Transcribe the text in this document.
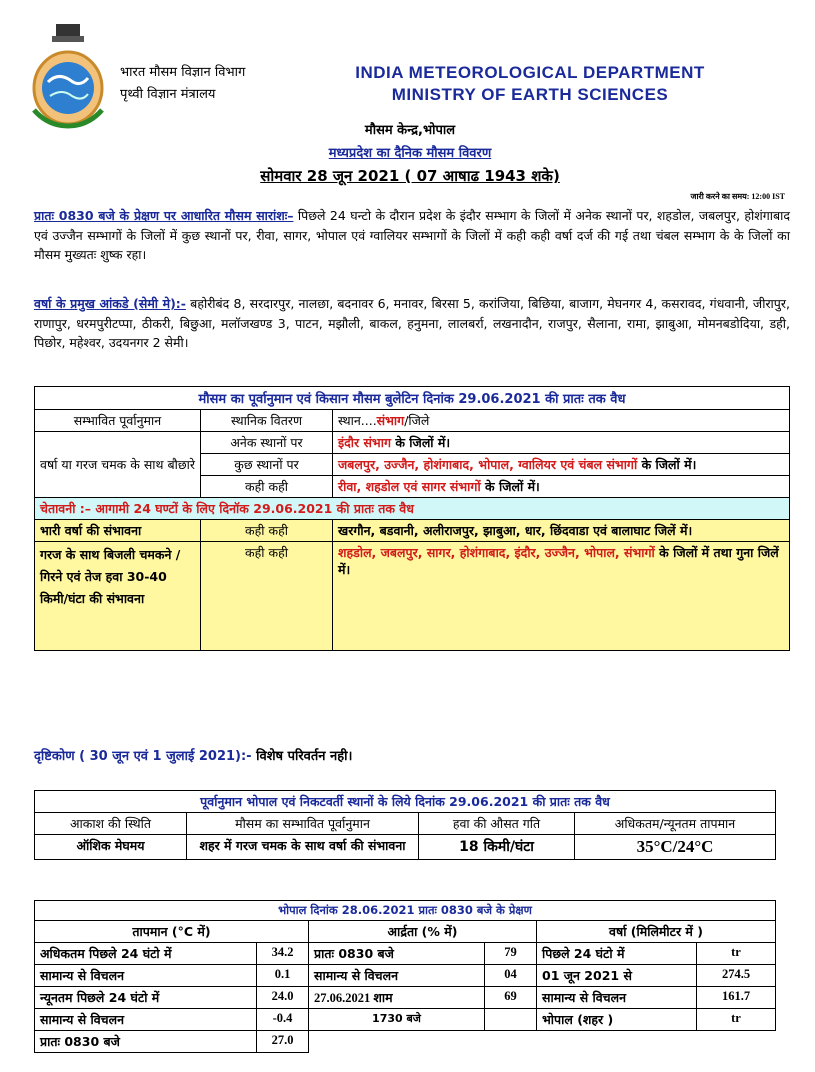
भारत मौसम विज्ञान विभाग
पृथ्वी विज्ञान मंत्रालय
INDIA METEOROLOGICAL DEPARTMENT
MINISTRY OF EARTH SCIENCES
मौसम केन्द्र,भोपाल
मध्यप्रदेश का दैनिक मौसम विवरण
सोमवार 28 जून 2021 ( 07 आषाढ 1943 शके)
जारी करने का समय: 12:00 IST
प्रातः 0830 बजे के प्रेक्षण पर आधारित मौसम सारांशः– पिछले 24 घन्टो के दौरान प्रदेश के इंदौर सम्भाग के जिलों में अनेक स्थानों पर, शहडोल, जबलपुर, होशंगाबाद एवं उज्जैन सम्भागों के जिलों में कुछ स्थानों पर, रीवा, सागर, भोपाल एवं ग्वालियर सम्भागों के जिलों में कही कही वर्षा दर्ज की गई तथा चंबल सम्भाग के के जिलों का मौसम मुख्यतः शुष्क रहा।
वर्षा के प्रमुख आंकडे (सेमी मे):- बहोरीबंद 8, सरदारपुर, नालछा, बदनावर 6, मनावर, बिरसा 5, करांजिया, बिछिया, बाजाग, मेघनगर 4, कसरावद, गंधवानी, जीरापुर, राणापुर, धरमपुरीटप्पा, ठीकरी, बिछुआ, मलॉजखण्ड 3, पाटन, मझौली, बाकल, हनुमना, लालबर्रा, लखनादौन, राजपुर, सैलाना, रामा, झाबुआ, मोमनबडोदिया, डही, पिछोर, महेश्वर, उदयनगर 2 सेमी।
मौसम का पूर्वानुमान एवं किसान मौसम बुलेटिन दिनांक 29.06.2021 की प्रातः तक वैध		
सम्भावित पूर्वानुमान	स्थानिक वितरण	स्थान....संभाग/जिले
वर्षा या गरज चमक के साथ बौछारे	अनेक स्थानों पर	इंदौर संभाग के जिलों में।
	कुछ स्थानों पर	जबलपुर, उज्जैन, होशंगाबाद, भोपाल, ग्वालियर एवं चंबल संभागों के जिलों में।
	कही कही	रीवा, शहडोल एवं सागर संभागों के जिलों में।
चेतावनी :– आगामी 24 घण्टों के लिए दिनॉक 29.06.2021 की प्रातः तक वैध		
भारी वर्षा की संभावना	कही कही	खरगौन, बडवानी, अलीराजपुर, झाबुआ, धार, छिंदवाडा एवं बालाघाट जिलें में।
गरज के साथ बिजली चमकने / गिरने एवं तेज हवा 30-40 किमी/घंटा की संभावना	कही कही	शहडोल, जबलपुर, सागर, होशंगाबाद, इंदौर, उज्जैन, भोपाल, संभागों के जिलों में तथा गुना जिलें में।
दृष्टिकोण ( 30 जून एवं 1 जुलाई 2021):- विशेष परिवर्तन नही।
पूर्वानुमान भोपाल एवं निकटवर्ती स्थानों के लिये दिनांक 29.06.2021 की प्रातः तक वैध			
आकाश की स्थिति	मौसम का सम्भावित पूर्वानुमान	हवा की औसत गति	अधिकतम/न्यूनतम तापमान
ऑशिक मेघमय	शहर में गरज चमक के साथ वर्षा की संभावना	18 किमी/घंटा	35°C/24°C
भोपाल दिनांक 28.06.2021 प्रातः 0830 बजे के प्रेक्षण					
तापमान (°C में)		आर्द्रता (% में)		वर्षा (मिलिमीटर में )	
अधिकतम पिछले 24 घंटो में	34.2	प्रातः 0830 बजे	79	पिछले 24 घंटो में	tr
सामान्य से विचलन	0.1	सामान्य से विचलन	04	01 जून 2021 से	274.5
न्यूनतम पिछले 24 घंटो में	24.0	27.06.2021 शाम	69	सामान्य से विचलन	161.7
सामान्य से विचलन	-0.4	1730 बजे		भोपाल (शहर )	tr
प्रातः 0830 बजे	27.0				
